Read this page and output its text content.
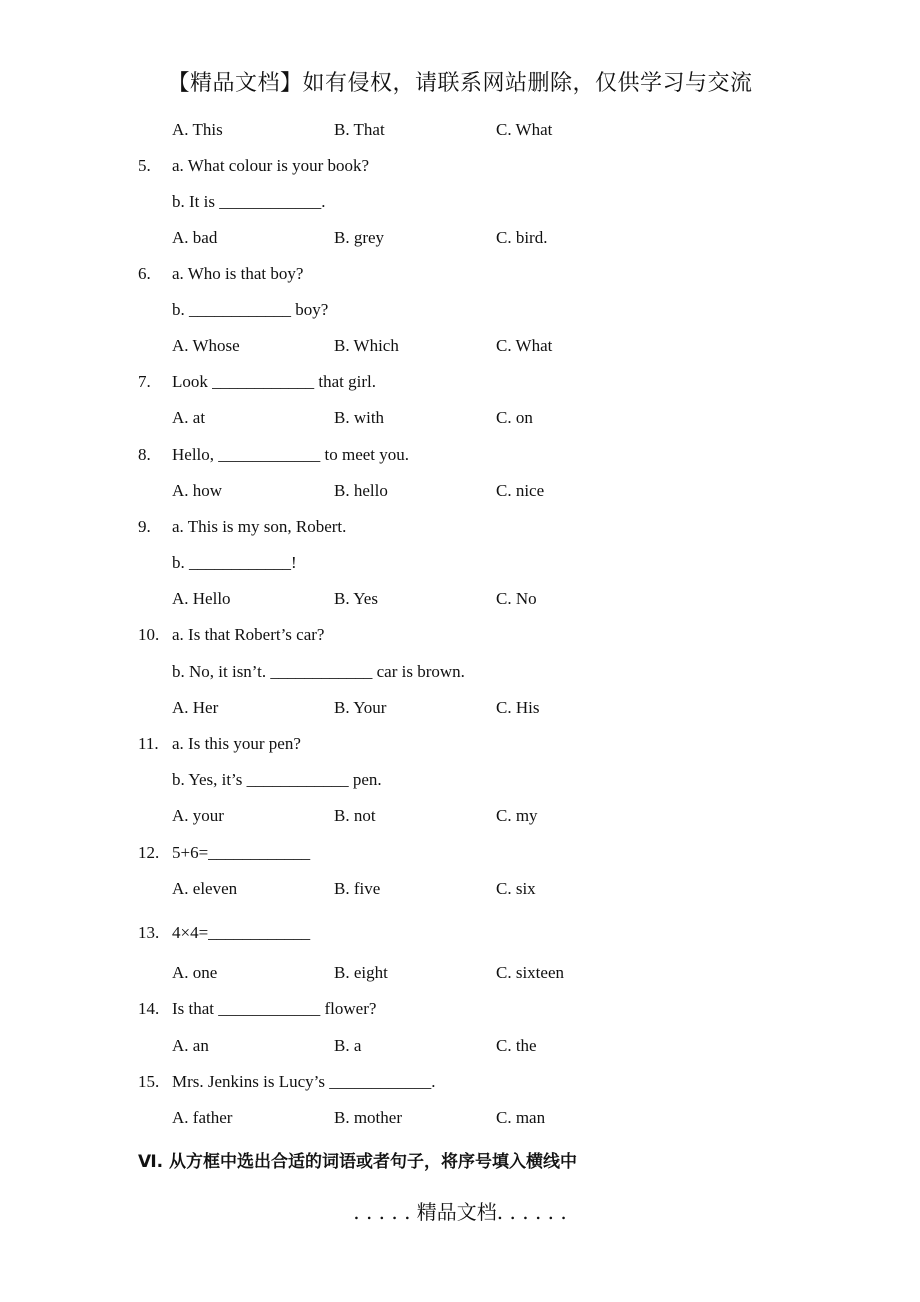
【精品文档】如有侵权，请联系网站删除，仅供学习与交流
A. This	B. That	C. What
5. a. What colour is your book?
b. It is ____________.
A. bad	B. grey	C. bird.
6. a. Who is that boy?
b. ____________ boy?
A. Whose	B. Which	C. What
7. Look ____________ that girl.
A. at	B. with	C. on
8. Hello, ____________ to meet you.
A. how	B. hello	C. nice
9. a. This is my son, Robert.
b. ____________!
A. Hello	B. Yes	C. No
10. a. Is that Robert’s car?
b. No, it isn’t. ____________ car is brown.
A. Her	B. Your	C. His
11. a. Is this your pen?
b. Yes, it’s ____________ pen.
A. your	B. not	C. my
12. 5+6=____________
A. eleven	B. five	C. six
13. 4×4=____________
A. one	B. eight	C. sixteen
14. Is that ____________ flower?
A. an	B. a	C. the
15. Mrs. Jenkins is Lucy’s ____________.
A. father	B. mother	C. man
Ⅵ. 从方框中选出合适的词语或者句子，将序号填入横线中
. . . . . 精品文档. . . . . .
